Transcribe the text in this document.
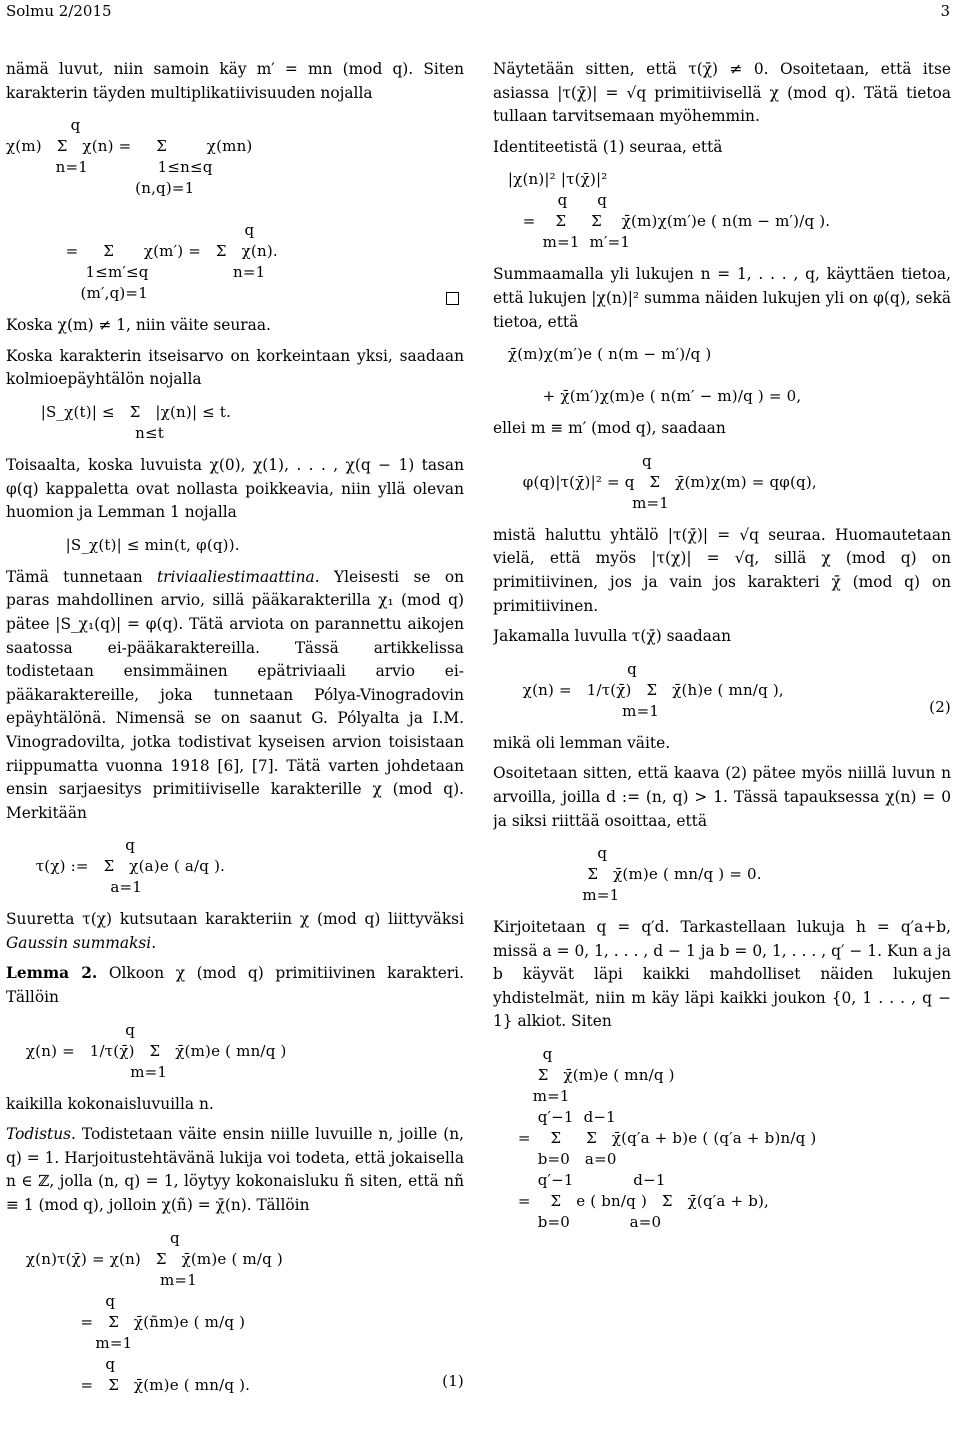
Solmu 2/2015	3

nämä luvut, niin samoin käy m′ = mn (mod q). Siten karakterin täyden multiplikatiivisuuden nojalla

q
χ(m)   Σ   χ(n) =     Σ        χ(mn)
n=1              1≤n≤q
(n,q)=1

q
=     Σ      χ(m′) =   Σ   χ(n).
1≤m′≤q                 n=1
(m′,q)=1

Koska χ(m) ≠ 1, niin väite seuraa.

Koska karakterin itseisarvo on korkeintaan yksi, saadaan kolmioepäyhtälön nojalla

|S_χ(t)| ≤   Σ   |χ(n)| ≤ t.
n≤t

Toisaalta, koska luvuista χ(0), χ(1), . . . , χ(q − 1) tasan φ(q) kappaletta ovat nollasta poikkeavia, niin yllä olevan huomion ja Lemman 1 nojalla

|S_χ(t)| ≤ min(t, φ(q)).

Tämä tunnetaan triviaaliestimaattina. Yleisesti se on paras mahdollinen arvio, sillä pääkarakterilla χ₁ (mod q) pätee |S_χ₁(q)| = φ(q). Tätä arviota on parannettu aikojen saatossa ei-pääkaraktereilla. Tässä artikkelissa todistetaan ensimmäinen epätriviaali arvio ei-pääkaraktereille, joka tunnetaan Pólya-Vinogradovin epäyhtälönä. Nimensä se on saanut G. Pólyalta ja I.M. Vinogradovilta, jotka todistivat kyseisen arvion toisistaan riippumatta vuonna 1918 [6], [7]. Tätä varten johdetaan ensin sarjaesitys primitiiviselle karakterille χ (mod q). Merkitään

q
τ(χ) :=   Σ   χ(a)e ( a/q ).
a=1

Suuretta τ(χ) kutsutaan karakteriin χ (mod q) liittyväksi Gaussin summaksi.

Lemma 2. Olkoon χ (mod q) primitiivinen karakteri. Tällöin

q
χ(n) =   1/τ(χ̄)   Σ   χ̄(m)e ( mn/q )
m=1

kaikilla kokonaisluvuilla n.

Todistus. Todistetaan väite ensin niille luvuille n, joille (n, q) = 1. Harjoitustehtävänä lukija voi todeta, että jokaisella n ∈ ℤ, jolla (n, q) = 1, löytyy kokonaisluku ñ siten, että nñ ≡ 1 (mod q), jolloin χ(ñ) = χ̄(n). Tällöin

q
χ(n)τ(χ̄) = χ(n)   Σ   χ̄(m)e ( m/q )
m=1
q
=   Σ   χ̄(ñm)e ( m/q )
m=1
q
=   Σ   χ̄(m)e ( mn/q ).	(1)

Näytetään sitten, että τ(χ̄) ≠ 0. Osoitetaan, että itse asiassa |τ(χ̄)| = √q primitiivisellä χ (mod q). Tätä tietoa tullaan tarvitsemaan myöhemmin.

Identiteetistä (1) seuraa, että

|χ(n)|² |τ(χ̄)|²
q      q
=    Σ     Σ    χ̄(m)χ(m′)e ( n(m − m′)/q ).
m=1  m′=1

Summaamalla yli lukujen n = 1, . . . , q, käyttäen tietoa, että lukujen |χ(n)|² summa näiden lukujen yli on φ(q), sekä tietoa, että

χ̄(m)χ(m′)e ( n(m − m′)/q )

+ χ̄(m′)χ(m)e ( n(m′ − m)/q ) = 0,

ellei m ≡ m′ (mod q), saadaan

q
φ(q)|τ(χ̄)|² = q   Σ   χ̄(m)χ(m) = qφ(q),
m=1

mistä haluttu yhtälö |τ(χ̄)| = √q seuraa. Huomautetaan vielä, että myös |τ(χ)| = √q, sillä χ (mod q) on primitiivinen, jos ja vain jos karakteri χ̄ (mod q) on primitiivinen.

Jakamalla luvulla τ(χ̄) saadaan

q
χ(n) =   1/τ(χ̄)   Σ   χ̄(h)e ( mn/q ),
(2)

m=1

mikä oli lemman väite.

Osoitetaan sitten, että kaava (2) pätee myös niillä luvun n arvoilla, joilla d := (n, q) > 1. Tässä tapauksessa χ(n) = 0 ja siksi riittää osoittaa, että

q
Σ   χ̄(m)e ( mn/q ) = 0.
m=1

Kirjoitetaan q = q′d. Tarkastellaan lukuja h = q′a+b, missä a = 0, 1, . . . , d − 1 ja b = 0, 1, . . . , q′ − 1. Kun a ja b käyvät läpi kaikki mahdolliset näiden lukujen yhdistelmät, niin m käy läpi kaikki joukon {0, 1 . . . , q − 1} alkiot. Siten

q
Σ   χ̄(m)e ( mn/q )
m=1
q′−1  d−1
=    Σ     Σ   χ̄(q′a + b)e ( (q′a + b)n/q )
b=0   a=0
q′−1            d−1
=    Σ   e ( bn/q )   Σ   χ̄(q′a + b),
b=0            a=0
